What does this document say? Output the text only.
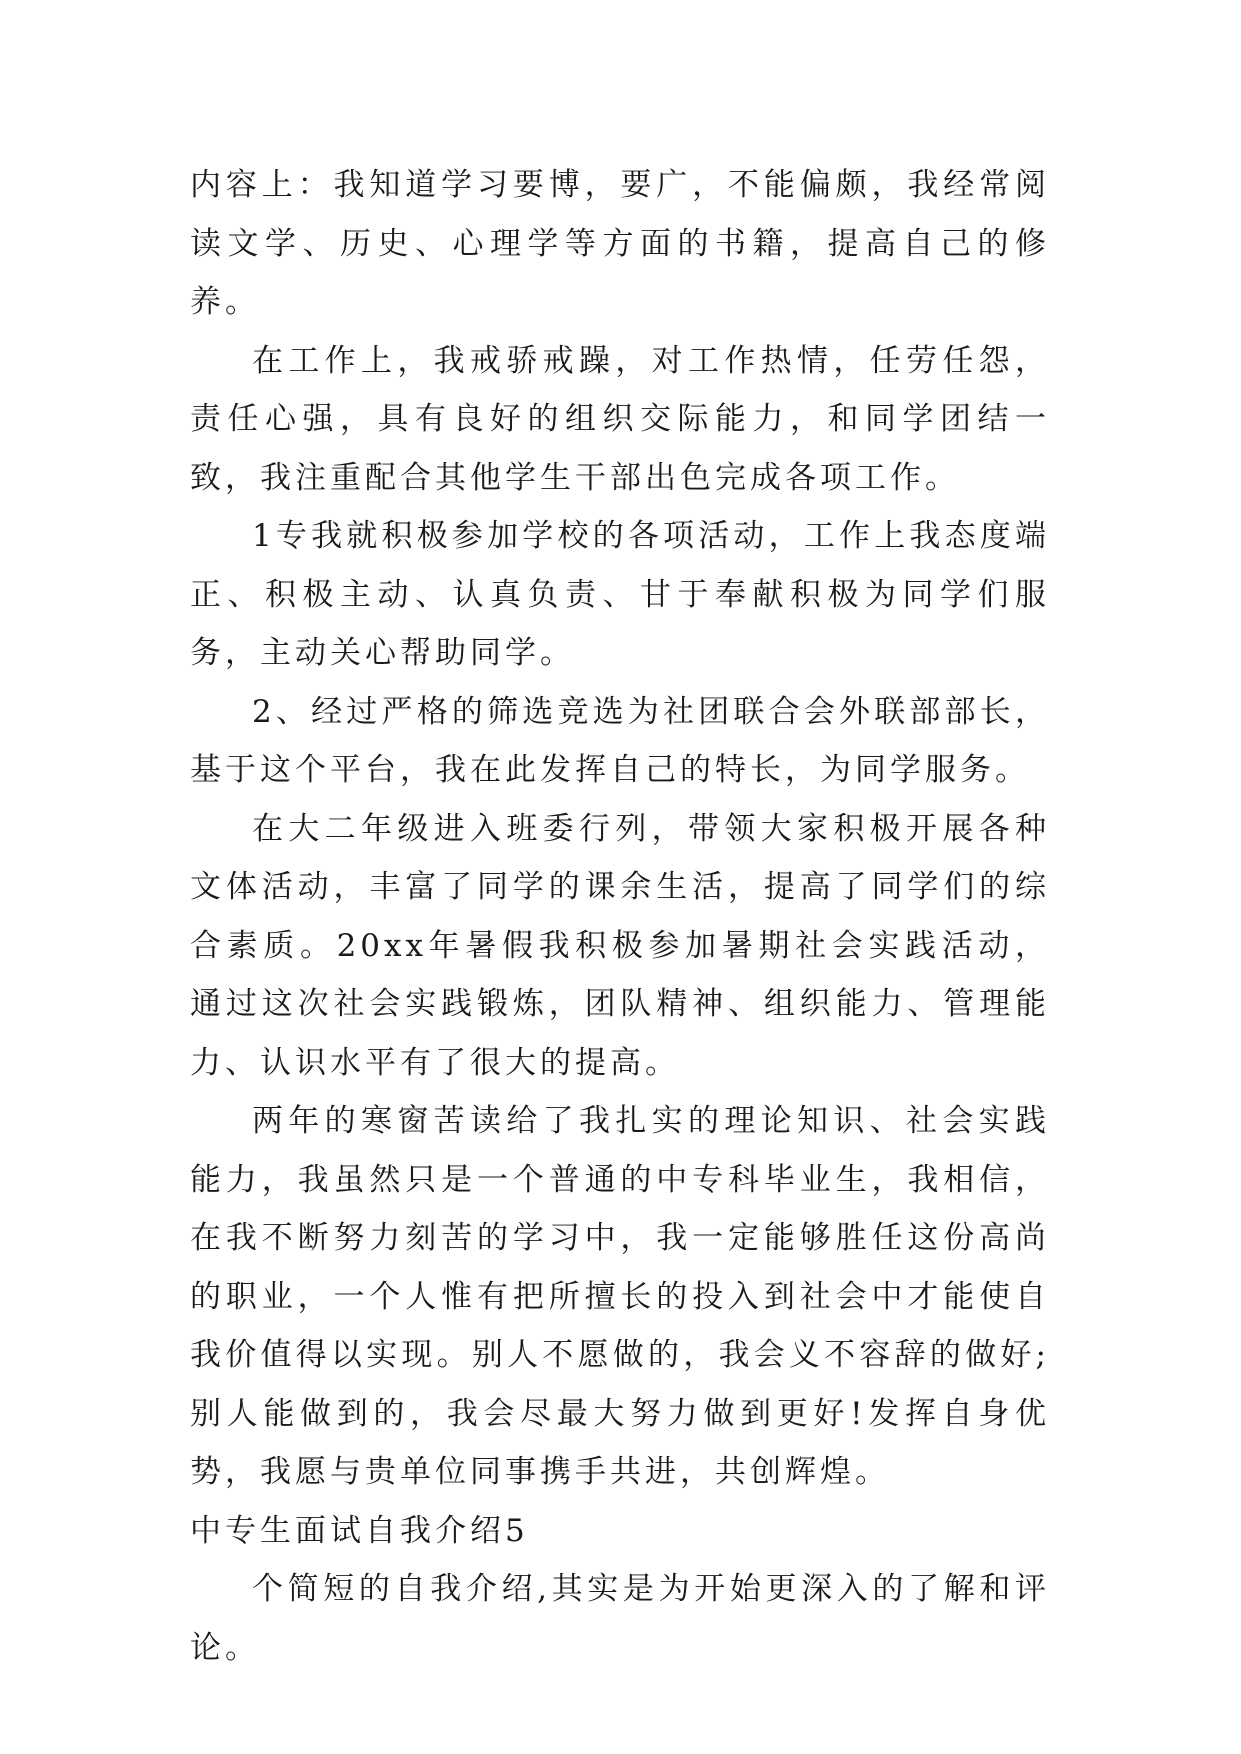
内容上：我知道学习要博，要广，不能偏颇，我经常阅读文学、历史、心理学等方面的书籍，提高自己的修养。

在工作上，我戒骄戒躁，对工作热情，任劳任怨，责任心强，具有良好的组织交际能力，和同学团结一致，我注重配合其他学生干部出色完成各项工作。

1专我就积极参加学校的各项活动，工作上我态度端正、积极主动、认真负责、甘于奉献积极为同学们服务，主动关心帮助同学。

2、经过严格的筛选竞选为社团联合会外联部部长，基于这个平台，我在此发挥自己的特长，为同学服务。

在大二年级进入班委行列，带领大家积极开展各种文体活动，丰富了同学的课余生活，提高了同学们的综合素质。20xx年暑假我积极参加暑期社会实践活动，通过这次社会实践锻炼，团队精神、组织能力、管理能力、认识水平有了很大的提高。

两年的寒窗苦读给了我扎实的理论知识、社会实践能力，我虽然只是一个普通的中专科毕业生，我相信，在我不断努力刻苦的学习中，我一定能够胜任这份高尚的职业，一个人惟有把所擅长的投入到社会中才能使自我价值得以实现。别人不愿做的，我会义不容辞的做好;别人能做到的，我会尽最大努力做到更好!发挥自身优势，我愿与贵单位同事携手共进，共创辉煌。

中专生面试自我介绍5

个简短的自我介绍,其实是为开始更深入的了解和评论。
